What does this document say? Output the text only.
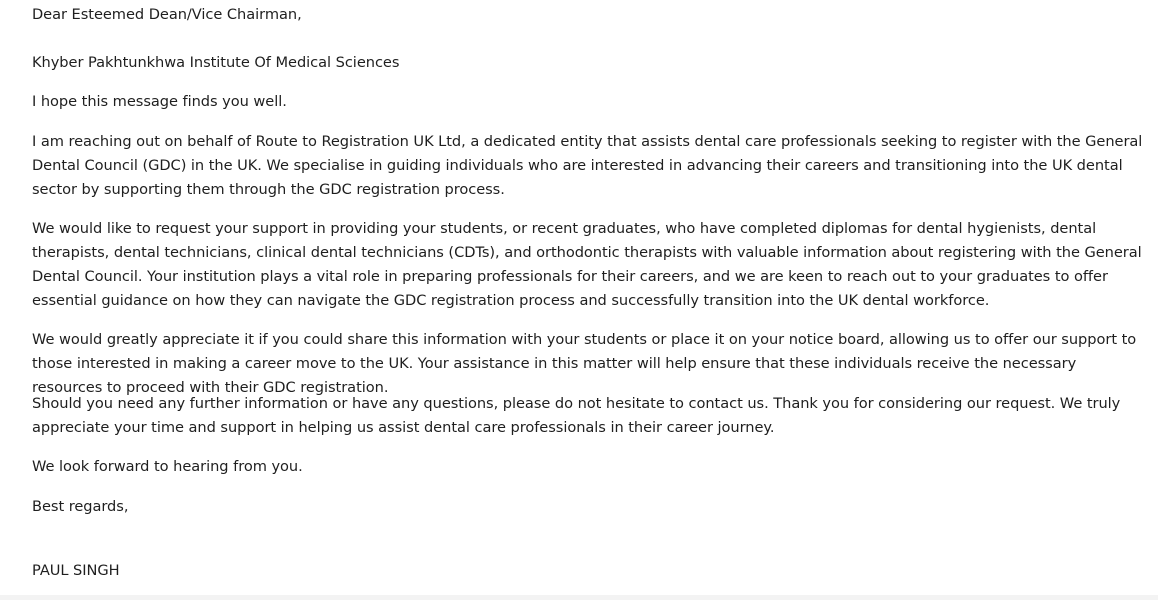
Dear Esteemed Dean/Vice Chairman,

Khyber Pakhtunkhwa Institute Of Medical Sciences

I hope this message finds you well.

I am reaching out on behalf of Route to Registration UK Ltd, a dedicated entity that assists dental care professionals seeking to register with the General Dental Council (GDC) in the UK. We specialise in guiding individuals who are interested in advancing their careers and transitioning into the UK dental sector by supporting them through the GDC registration process.

We would like to request your support in providing your students, or recent graduates, who have completed diplomas for dental hygienists, dental therapists, dental technicians, clinical dental technicians (CDTs), and orthodontic therapists with valuable information about registering with the General Dental Council. Your institution plays a vital role in preparing professionals for their careers, and we are keen to reach out to your graduates to offer essential guidance on how they can navigate the GDC registration process and successfully transition into the UK dental workforce.

We would greatly appreciate it if you could share this information with your students or place it on your notice board, allowing us to offer our support to those interested in making a career move to the UK. Your assistance in this matter will help ensure that these individuals receive the necessary resources to proceed with their GDC registration.

Should you need any further information or have any questions, please do not hesitate to contact us. Thank you for considering our request. We truly appreciate your time and support in helping us assist dental care professionals in their career journey.

We look forward to hearing from you.

Best regards,

PAUL SINGH
